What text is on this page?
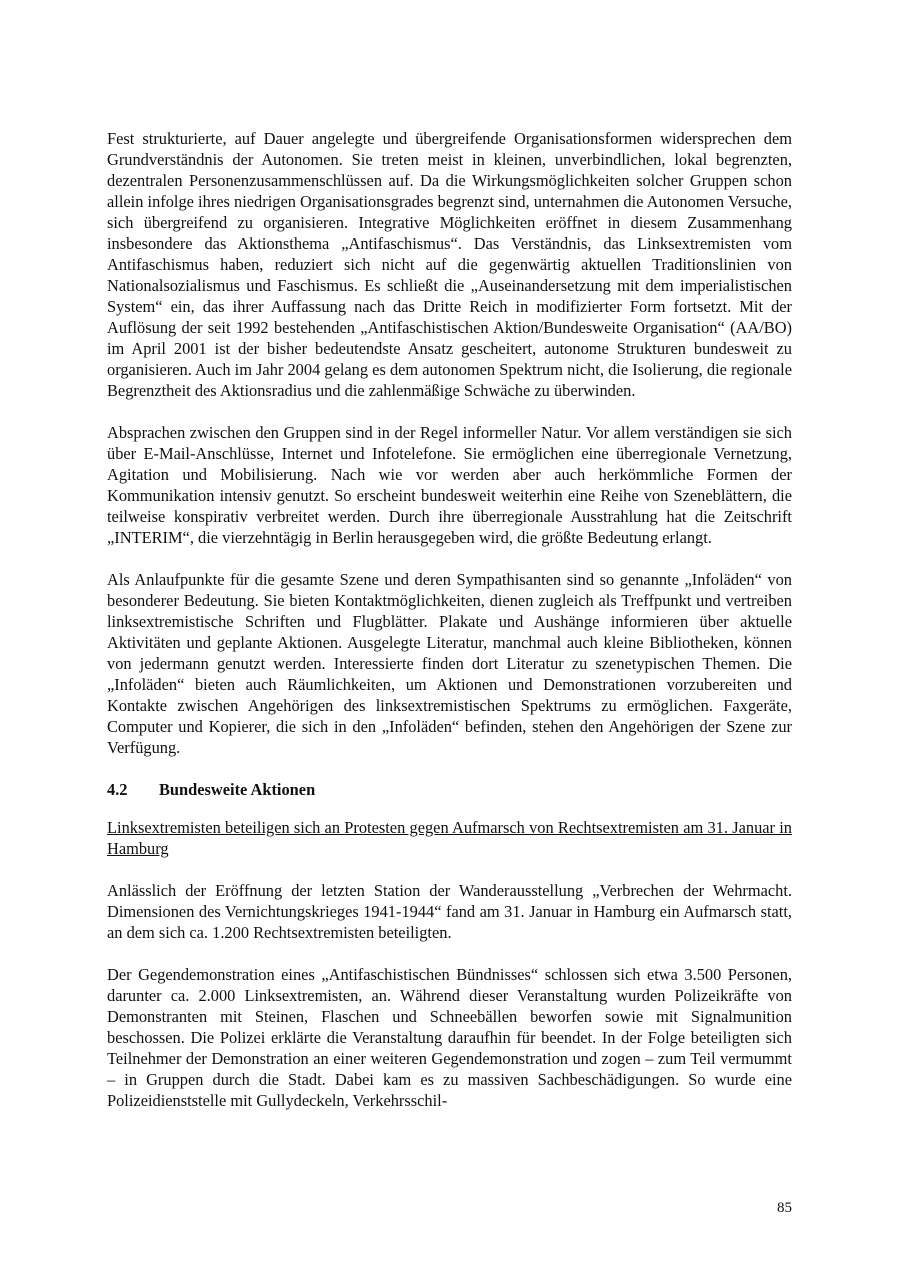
Fest strukturierte, auf Dauer angelegte und übergreifende Organisationsformen widersprechen dem Grundverständnis der Autonomen. Sie treten meist in kleinen, unverbindlichen, lokal begrenzten, dezentralen Personenzusammenschlüssen auf. Da die Wirkungsmöglichkeiten solcher Gruppen schon allein infolge ihres niedrigen Organisationsgrades begrenzt sind, unternahmen die Autonomen Versuche, sich übergreifend zu organisieren. Integrative Möglichkeiten eröffnet in diesem Zusammenhang insbesondere das Aktionsthema „Antifaschismus“. Das Verständnis, das Linksextremisten vom Antifaschismus haben, reduziert sich nicht auf die gegenwärtig aktuellen Traditionslinien von Nationalsozialismus und Faschismus. Es schließt die „Auseinandersetzung mit dem imperialistischen System“ ein, das ihrer Auffassung nach das Dritte Reich in modifizierter Form fortsetzt. Mit der Auflösung der seit 1992 bestehenden „Antifaschistischen Aktion/Bundesweite Organisation“ (AA/BO) im April 2001 ist der bisher bedeutendste Ansatz gescheitert, autonome Strukturen bundesweit zu organisieren. Auch im Jahr 2004 gelang es dem autonomen Spektrum nicht, die Isolierung, die regionale Begrenztheit des Aktionsradius und die zahlenmäßige Schwäche zu überwinden.

Absprachen zwischen den Gruppen sind in der Regel informeller Natur. Vor allem verständigen sie sich über E-Mail-Anschlüsse, Internet und Infotelefone. Sie ermöglichen eine überregionale Vernetzung, Agitation und Mobilisierung. Nach wie vor werden aber auch herkömmliche Formen der Kommunikation intensiv genutzt. So erscheint bundesweit weiterhin eine Reihe von Szeneblättern, die teilweise konspirativ verbreitet werden. Durch ihre überregionale Ausstrahlung hat die Zeitschrift „INTERIM“, die vierzehntägig in Berlin herausgegeben wird, die größte Bedeutung erlangt.

Als Anlaufpunkte für die gesamte Szene und deren Sympathisanten sind so genannte „Infoläden“ von besonderer Bedeutung. Sie bieten Kontaktmöglichkeiten, dienen zugleich als Treffpunkt und vertreiben linksextremistische Schriften und Flugblätter. Plakate und Aushänge informieren über aktuelle Aktivitäten und geplante Aktionen. Ausgelegte Literatur, manchmal auch kleine Bibliotheken, können von jedermann genutzt werden. Interessierte finden dort Literatur zu szenetypischen Themen. Die „Infoläden“ bieten auch Räumlichkeiten, um Aktionen und Demonstrationen vorzubereiten und Kontakte zwischen Angehörigen des linksextremistischen Spektrums zu ermöglichen. Faxgeräte, Computer und Kopierer, die sich in den „Infoläden“ befinden, stehen den Angehörigen der Szene zur Verfügung.

4.2	Bundesweite Aktionen
Linksextremisten beteiligen sich an Protesten gegen Aufmarsch von Rechtsextremisten am 31. Januar in Hamburg

Anlässlich der Eröffnung der letzten Station der Wanderausstellung „Verbrechen der Wehrmacht. Dimensionen des Vernichtungskrieges 1941-1944“ fand am 31. Januar in Hamburg ein Aufmarsch statt, an dem sich ca. 1.200 Rechtsextremisten beteiligten.

Der Gegendemonstration eines „Antifaschistischen Bündnisses“ schlossen sich etwa 3.500 Personen, darunter ca. 2.000 Linksextremisten, an. Während dieser Veranstaltung wurden Polizeikräfte von Demonstranten mit Steinen, Flaschen und Schneebällen beworfen sowie mit Signalmunition beschossen. Die Polizei erklärte die Veranstaltung daraufhin für beendet. In der Folge beteiligten sich Teilnehmer der Demonstration an einer weiteren Gegendemonstration und zogen – zum Teil vermummt – in Gruppen durch die Stadt. Dabei kam es zu massiven Sachbeschädigungen. So wurde eine Polizeidienststelle mit Gullydeckeln, Verkehrsschil-

85
